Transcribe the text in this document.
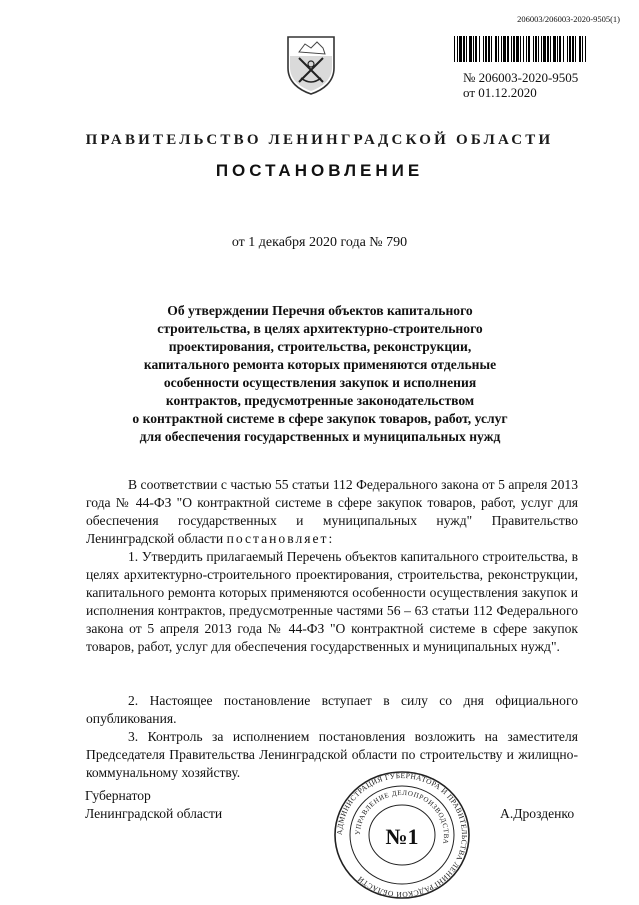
206003/206003-2020-9505(1)
№ 206003-2020-9505
от 01.12.2020
ПРАВИТЕЛЬСТВО ЛЕНИНГРАДСКОЙ ОБЛАСТИ
ПОСТАНОВЛЕНИЕ
от 1 декабря 2020 года № 790
Об утверждении Перечня объектов капитального
строительства, в целях архитектурно-строительного
проектирования, строительства, реконструкции,
капитального ремонта которых применяются отдельные
особенности осуществления закупок и исполнения
контрактов, предусмотренные законодательством
о контрактной системе в сфере закупок товаров, работ, услуг
для обеспечения государственных и муниципальных нужд
В соответствии с частью 55 статьи 112 Федерального закона от 5 апреля 2013 года № 44-ФЗ "О контрактной системе в сфере закупок товаров, работ, услуг для обеспечения государственных и муниципальных нужд" Правительство Ленинградской области постановляет:
1. Утвердить прилагаемый Перечень объектов капитального строительства, в целях архитектурно-строительного проектирования, строительства, реконструкции, капитального ремонта которых применяются особенности осуществления закупок и исполнения контрактов, предусмотренные частями 56 – 63 статьи 112 Федерального закона от 5 апреля 2013 года № 44-ФЗ "О контрактной системе в сфере закупок товаров, работ, услуг для обеспечения государственных и муниципальных нужд".
2. Настоящее постановление вступает в силу со дня официального опубликования.
3. Контроль за исполнением постановления возложить на заместителя Председателя Правительства Ленинградской области по строительству и жилищно-коммунальному хозяйству.
Губернатор
Ленинградской области	А.Дрозденко
АДМИНИСТРАЦИЯ ГУБЕРНАТОРА И ПРАВИТЕЛЬСТВА ЛЕНИНГРАДСКОЙ ОБЛАСТИ
УПРАВЛЕНИЕ ДЕЛОПРОИЗВОДСТВА
№1
